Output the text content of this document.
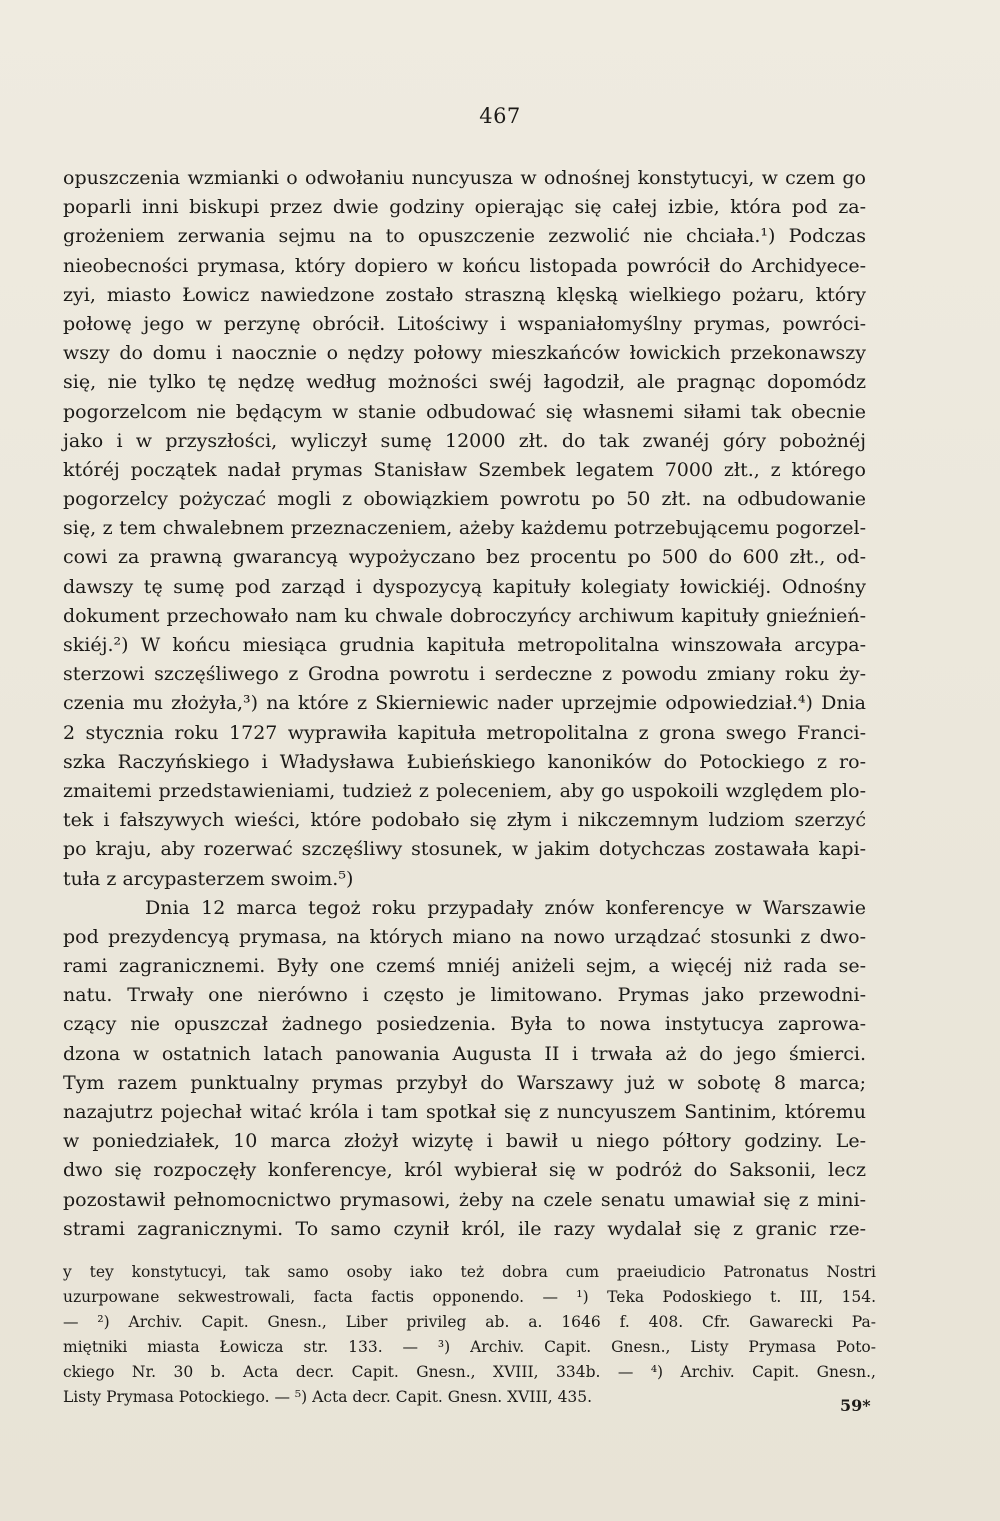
467
opuszczenia wzmianki o odwołaniu nuncyusza w odnośnej konstytucyi, w czem go
poparli inni biskupi przez dwie godziny opierając się całej izbie, która pod za-
grożeniem zerwania sejmu na to opuszczenie zezwolić nie chciała.¹) Podczas
nieobecności prymasa, który dopiero w końcu listopada powrócił do Archidyece-
zyi, miasto Łowicz nawiedzone zostało straszną klęską wielkiego pożaru, który
połowę jego w perzynę obrócił. Litościwy i wspaniałomyślny prymas, powróci-
wszy do domu i naocznie o nędzy połowy mieszkańców łowickich przekonawszy
się, nie tylko tę nędzę według możności swéj łagodził, ale pragnąc dopomódz
pogorzelcom nie będącym w stanie odbudować się własnemi siłami tak obecnie
jako i w przyszłości, wyliczył sumę 12000 złt. do tak zwanéj góry pobożnéj
któréj początek nadał prymas Stanisław Szembek legatem 7000 złt., z którego
pogorzelcy pożyczać mogli z obowiązkiem powrotu po 50 złt. na odbudowanie
się, z tem chwalebnem przeznaczeniem, ażeby każdemu potrzebującemu pogorzel-
cowi za prawną gwarancyą wypożyczano bez procentu po 500 do 600 złt., od-
dawszy tę sumę pod zarząd i dyspozycyą kapituły kolegiaty łowickiéj. Odnośny
dokument przechowało nam ku chwale dobroczyńcy archiwum kapituły gnieźnień-
skiéj.²) W końcu miesiąca grudnia kapituła metropolitalna winszowała arcypa-
sterzowi szczęśliwego z Grodna powrotu i serdeczne z powodu zmiany roku ży-
czenia mu złożyła,³) na które z Skierniewic nader uprzejmie odpowiedział.⁴) Dnia
2 stycznia roku 1727 wyprawiła kapituła metropolitalna z grona swego Franci-
szka Raczyńskiego i Władysława Łubieńskiego kanoników do Potockiego z ro-
zmaitemi przedstawieniami, tudzież z poleceniem, aby go uspokoili względem plo-
tek i fałszywych wieści, które podobało się złym i nikczemnym ludziom szerzyć
po kraju, aby rozerwać szczęśliwy stosunek, w jakim dotychczas zostawała kapi-
tuła z arcypasterzem swoim.⁵)
Dnia 12 marca tegoż roku przypadały znów konferencye w Warszawie
pod prezydencyą prymasa, na których miano na nowo urządzać stosunki z dwo-
rami zagranicznemi. Były one czemś mniéj aniżeli sejm, a więcéj niż rada se-
natu. Trwały one nierówno i często je limitowano. Prymas jako przewodni-
czący nie opuszczał żadnego posiedzenia. Była to nowa instytucya zaprowa-
dzona w ostatnich latach panowania Augusta II i trwała aż do jego śmierci.
Tym razem punktualny prymas przybył do Warszawy już w sobotę 8 marca;
nazajutrz pojechał witać króla i tam spotkał się z nuncyuszem Santinim, któremu
w poniedziałek, 10 marca złożył wizytę i bawił u niego półtory godziny. Le-
dwo się rozpoczęły konferencye, król wybierał się w podróż do Saksonii, lecz
pozostawił pełnomocnictwo prymasowi, żeby na czele senatu umawiał się z mini-
strami zagranicznymi. To samo czynił król, ile razy wydalał się z granic rze-
y tey konstytucyi, tak samo osoby iako też dobra cum praeiudicio Patronatus Nostri
uzurpowane sekwestrowali, facta factis opponendo. — ¹) Teka Podoskiego t. III, 154.
— ²) Archiv. Capit. Gnesn., Liber privileg ab. a. 1646 f. 408. Cfr. Gawarecki Pa-
miętniki miasta Łowicza str. 133. — ³) Archiv. Capit. Gnesn., Listy Prymasa Poto-
ckiego Nr. 30 b. Acta decr. Capit. Gnesn., XVIII, 334b. — ⁴) Archiv. Capit. Gnesn.,
Listy Prymasa Potockiego. — ⁵) Acta decr. Capit. Gnesn. XVIII, 435.	59*
